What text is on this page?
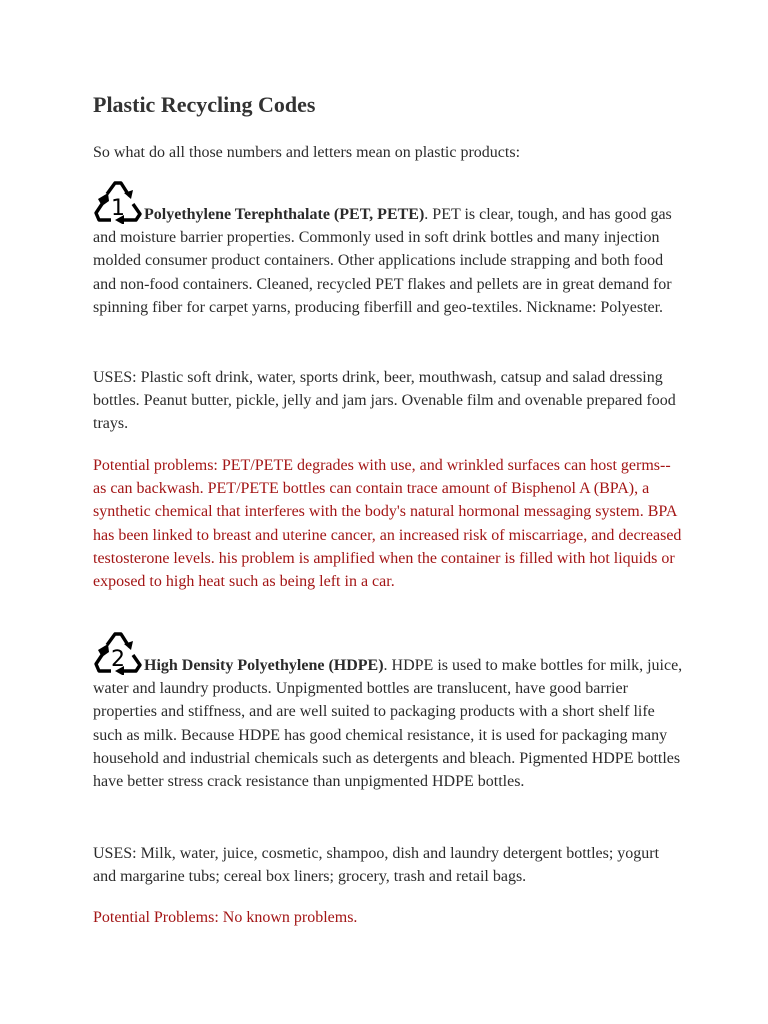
Plastic Recycling Codes

So what do all those numbers and letters mean on plastic products:

1 Polyethylene Terephthalate (PET, PETE). PET is clear, tough, and has good gas and moisture barrier properties. Commonly used in soft drink bottles and many injection molded consumer product containers. Other applications include strapping and both food and non-food containers. Cleaned, recycled PET flakes and pellets are in great demand for spinning fiber for carpet yarns, producing fiberfill and geo-textiles. Nickname: Polyester.

USES: Plastic soft drink, water, sports drink, beer, mouthwash, catsup and salad dressing bottles. Peanut butter, pickle, jelly and jam jars. Ovenable film and ovenable prepared food trays.

Potential problems: PET/PETE degrades with use, and wrinkled surfaces can host germs--as can backwash. PET/PETE bottles can contain trace amount of Bisphenol A (BPA), a synthetic chemical that interferes with the body's natural hormonal messaging system. BPA has been linked to breast and uterine cancer, an increased risk of miscarriage, and decreased testosterone levels. his problem is amplified when the container is filled with hot liquids or exposed to high heat such as being left in a car.

2 High Density Polyethylene (HDPE). HDPE is used to make bottles for milk, juice, water and laundry products. Unpigmented bottles are translucent, have good barrier properties and stiffness, and are well suited to packaging products with a short shelf life such as milk. Because HDPE has good chemical resistance, it is used for packaging many household and industrial chemicals such as detergents and bleach. Pigmented HDPE bottles have better stress crack resistance than unpigmented HDPE bottles.

USES: Milk, water, juice, cosmetic, shampoo, dish and laundry detergent bottles; yogurt and margarine tubs; cereal box liners; grocery, trash and retail bags.

Potential Problems: No known problems.
